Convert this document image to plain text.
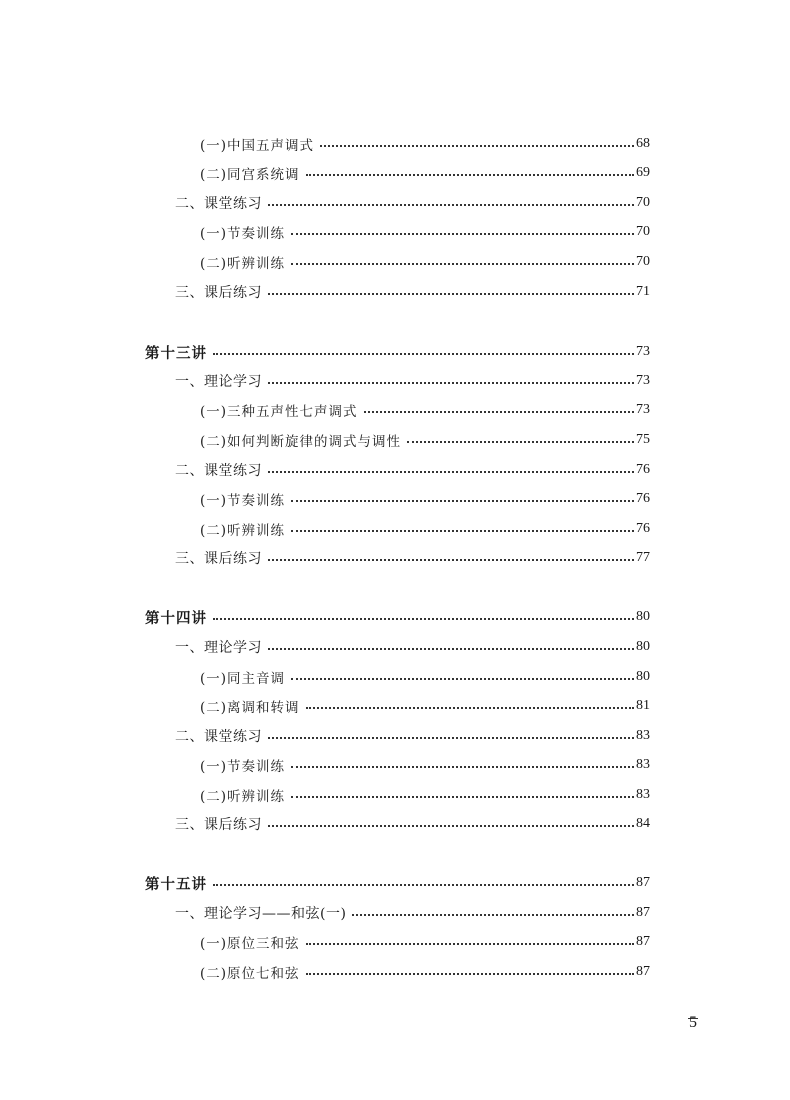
(一)中国五声调式	68
(二)同宫系统调	69
二、课堂练习	70
(一)节奏训练	70
(二)听辨训练	70
三、课后练习	71
第十三讲	73
一、理论学习	73
(一)三种五声性七声调式	73
(二)如何判断旋律的调式与调性	75
二、课堂练习	76
(一)节奏训练	76
(二)听辨训练	76
三、课后练习	77
第十四讲	80
一、理论学习	80
(一)同主音调	80
(二)离调和转调	81
二、课堂练习	83
(一)节奏训练	83
(二)听辨训练	83
三、课后练习	84
第十五讲	87
一、理论学习——和弦(一)	87
(一)原位三和弦	87
(二)原位七和弦	87
5
